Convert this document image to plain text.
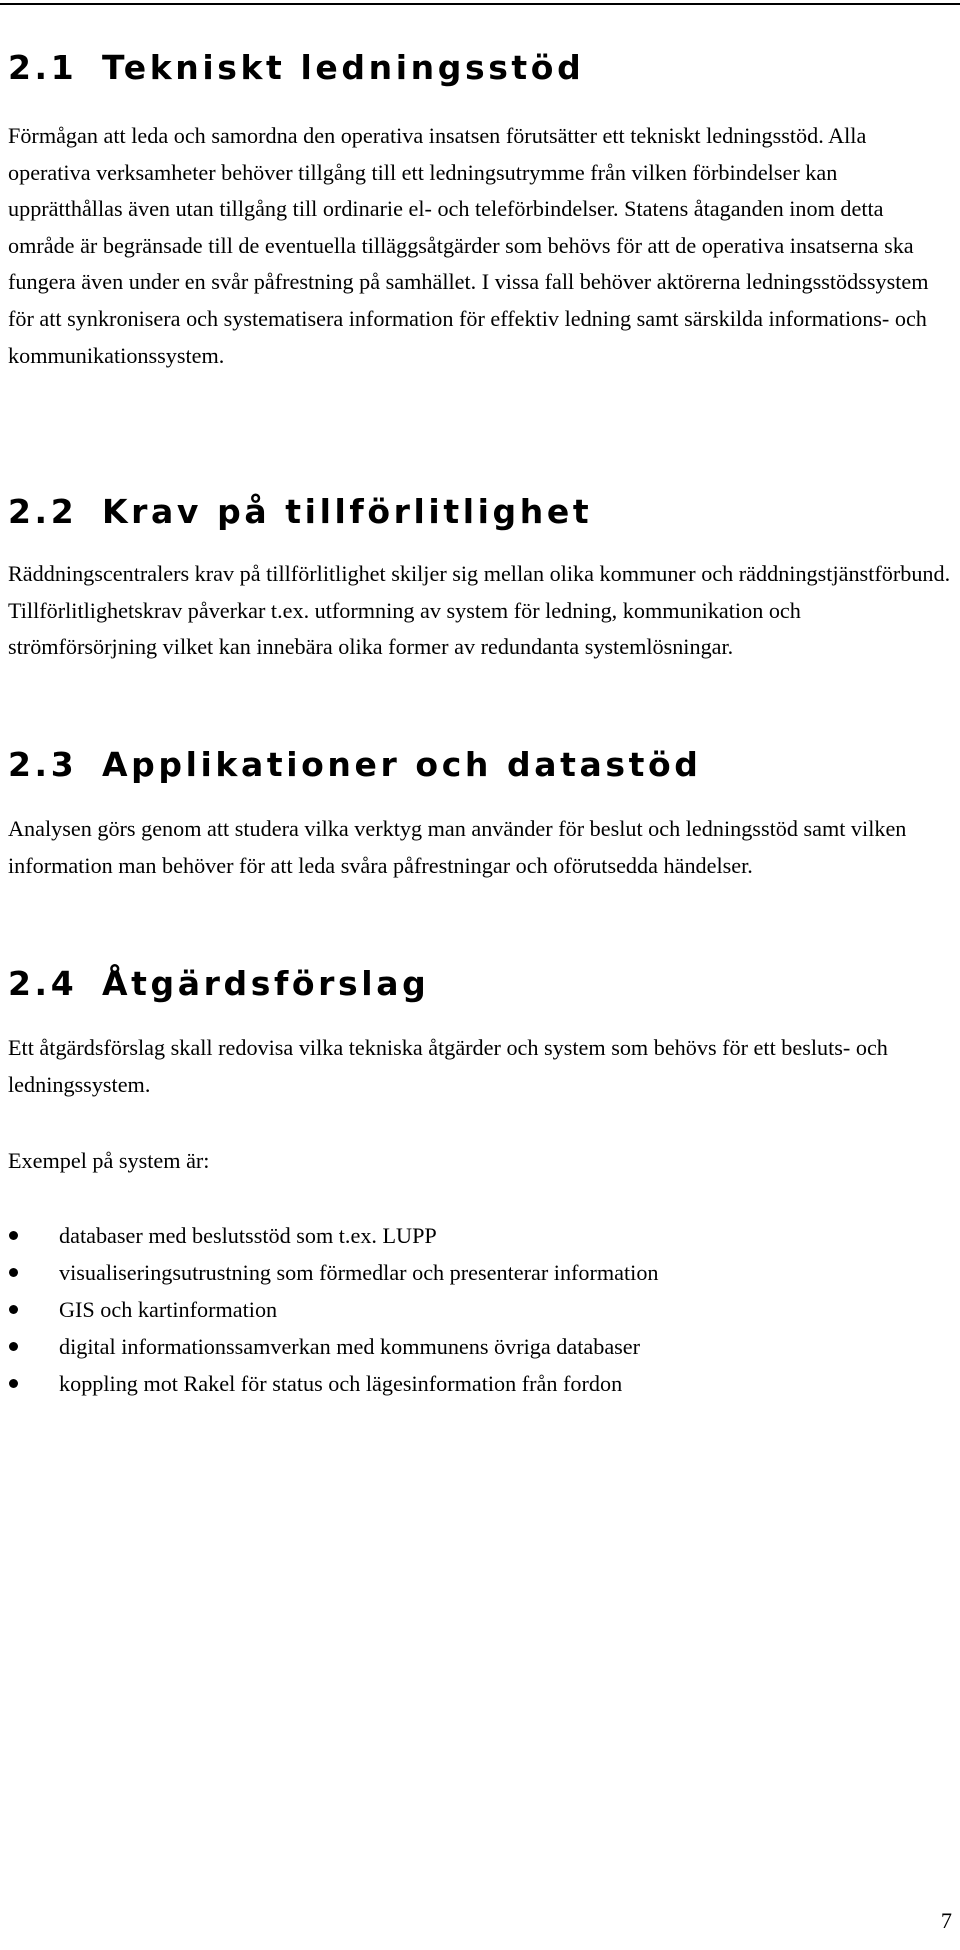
2.1 Tekniskt ledningsstöd

Förmågan att leda och samordna den operativa insatsen förutsätter ett tekniskt ledningsstöd. Alla operativa verksamheter behöver tillgång till ett ledningsutrymme från vilken förbindelser kan upprätthållas även utan tillgång till ordinarie el- och teleförbindelser. Statens åtaganden inom detta område är begränsade till de eventuella tilläggsåtgärder som behövs för att de operativa insatserna ska fungera även under en svår påfrestning på samhället. I vissa fall behöver aktörerna ledningsstödssystem för att synkronisera och systematisera information för effektiv ledning samt särskilda informations- och kommunikationssystem.

2.2 Krav på tillförlitlighet

Räddningscentralers krav på tillförlitlighet skiljer sig mellan olika kommuner och räddningstjänstförbund. Tillförlitlighetskrav påverkar t.ex. utformning av system för ledning, kommunikation och strömförsörjning vilket kan innebära olika former av redundanta systemlösningar.

2.3 Applikationer och datastöd

Analysen görs genom att studera vilka verktyg man använder för beslut och ledningsstöd samt vilken information man behöver för att leda svåra påfrestningar och oförutsedda händelser.

2.4 Åtgärdsförslag

Ett åtgärdsförslag skall redovisa vilka tekniska åtgärder och system som behövs för ett besluts- och ledningssystem.

Exempel på system är:

databaser med beslutsstöd som t.ex. LUPP
visualiseringsutrustning som förmedlar och presenterar information
GIS och kartinformation
digital informationssamverkan med kommunens övriga databaser
koppling mot Rakel för status och lägesinformation från fordon
7
